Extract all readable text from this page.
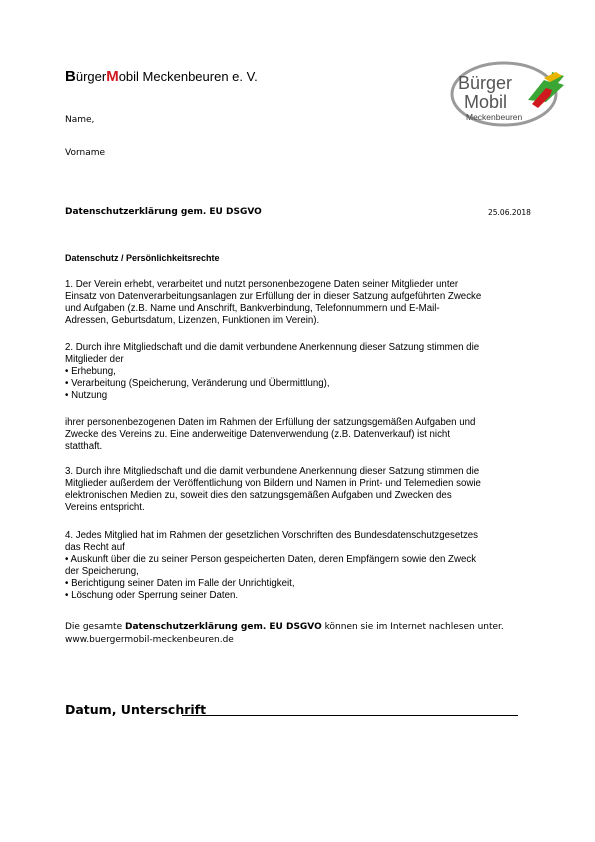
BürgerMobil Meckenbeuren e. V.	Bürger
Mobil
Meckenbeuren
Name,
Vorname
Datenschutzerklärung gem. EU DSGVO	25.06.2018
Datenschutz / Persönlichkeitsrechte

1. Der Verein erhebt, verarbeitet und nutzt personenbezogene Daten seiner Mitglieder unter

Einsatz von Datenverarbeitungsanlagen zur Erfüllung der in dieser Satzung aufgeführten Zwecke

und Aufgaben (z.B. Name und Anschrift, Bankverbindung, Telefonnummern und E-Mail-

Adressen, Geburtsdatum, Lizenzen, Funktionen im Verein).

2. Durch ihre Mitgliedschaft und die damit verbundene Anerkennung dieser Satzung stimmen die

Mitglieder der

• Erhebung,

• Verarbeitung (Speicherung, Veränderung und Übermittlung),

• Nutzung

ihrer personenbezogenen Daten im Rahmen der Erfüllung der satzungsgemäßen Aufgaben und

Zwecke des Vereins zu. Eine anderweitige Datenverwendung (z.B. Datenverkauf) ist nicht

statthaft.

3. Durch ihre Mitgliedschaft und die damit verbundene Anerkennung dieser Satzung stimmen die

Mitglieder außerdem der Veröffentlichung von Bildern und Namen in Print- und Telemedien sowie

elektronischen Medien zu, soweit dies den satzungsgemäßen Aufgaben und Zwecken des

Vereins entspricht.

4. Jedes Mitglied hat im Rahmen der gesetzlichen Vorschriften des Bundesdatenschutzgesetzes

das Recht auf

• Auskunft über die zu seiner Person gespeicherten Daten, deren Empfängern sowie den Zweck

der Speicherung,

• Berichtigung seiner Daten im Falle der Unrichtigkeit,

• Löschung oder Sperrung seiner Daten.

Die gesamte Datenschutzerklärung gem. EU DSGVO können sie im Internet nachlesen unter.
www.buergermobil-meckenbeuren.de
Datum, Unterschrift
